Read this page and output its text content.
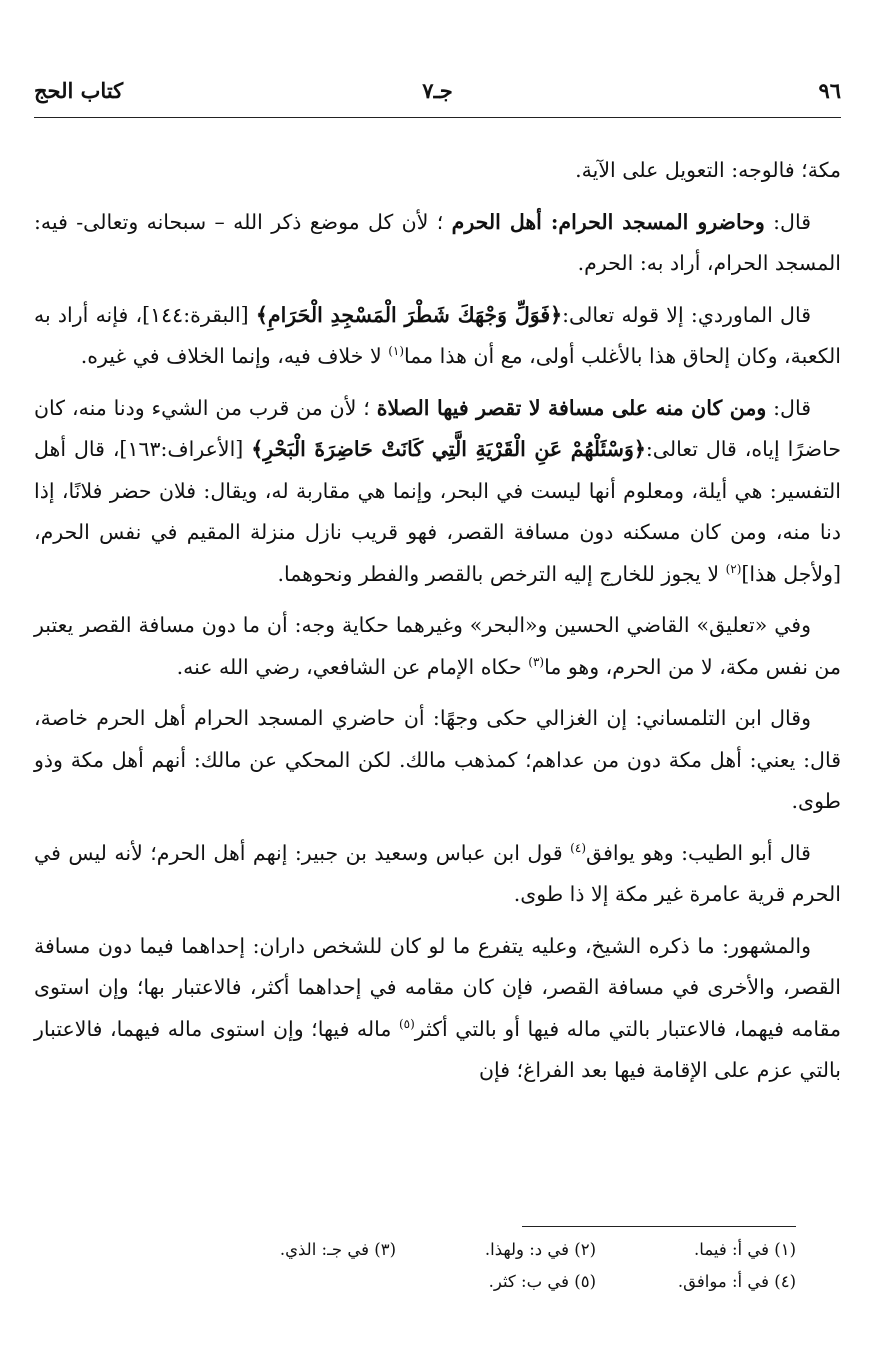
٩٦
جـ٧
كتاب الحج

مكة؛ فالوجه: التعويل على الآية.

قال: وحاضرو المسجد الحرام: أهل الحرم ؛ لأن كل موضع ذكر الله – سبحانه وتعالى- فيه: المسجد الحرام، أراد به: الحرم.

قال الماوردي: إلا قوله تعالى:﴿فَوَلِّ وَجْهَكَ شَطْرَ الْمَسْجِدِ الْحَرَامِ﴾ [البقرة:١٤٤]، فإنه أراد به الكعبة، وكان إلحاق هذا بالأغلب أولى، مع أن هذا مما$^{(١)}$ لا خلاف فيه، وإنما الخلاف في غيره.

قال: ومن كان منه على مسافة لا تقصر فيها الصلاة ؛ لأن من قرب من الشيء ودنا منه، كان حاضرًا إياه، قال تعالى:﴿وَسْئَلْهُمْ عَنِ الْقَرْيَةِ الَّتِي كَانَتْ حَاضِرَةَ الْبَحْرِ﴾ [الأعراف:١٦٣]، قال أهل التفسير: هي أيلة، ومعلوم أنها ليست في البحر، وإنما هي مقاربة له، ويقال: فلان حضر فلانًا، إذا دنا منه، ومن كان مسكنه دون مسافة القصر، فهو قريب نازل منزلة المقيم في نفس الحرم، [ولأجل هذا]$^{(٢)}$ لا يجوز للخارج إليه الترخص بالقصر والفطر ونحوهما.

وفي «تعليق» القاضي الحسين و«البحر» وغيرهما حكاية وجه: أن ما دون مسافة القصر يعتبر من نفس مكة، لا من الحرم، وهو ما$^{(٣)}$ حكاه الإمام عن الشافعي، رضي الله عنه.

وقال ابن التلمساني: إن الغزالي حكى وجهًا: أن حاضري المسجد الحرام أهل الحرم خاصة، قال: يعني: أهل مكة دون من عداهم؛ كمذهب مالك. لكن المحكي عن مالك: أنهم أهل مكة وذو طوى.

قال أبو الطيب: وهو يوافق$^{(٤)}$ قول ابن عباس وسعيد بن جبير: إنهم أهل الحرم؛ لأنه ليس في الحرم قرية عامرة غير مكة إلا ذا طوى.

والمشهور: ما ذكره الشيخ، وعليه يتفرع ما لو كان للشخص داران: إحداهما فيما دون مسافة القصر، والأخرى في مسافة القصر، فإن كان مقامه في إحداهما أكثر، فالاعتبار بها؛ وإن استوى مقامه فيهما، فالاعتبار بالتي ماله فيها أو بالتي أكثر$^{(٥)}$ ماله فيها؛ وإن استوى ماله فيهما، فالاعتبار بالتي عزم على الإقامة فيها بعد الفراغ؛ فإن

(١) في أ: فيما.
(٢) في د: ولهذا.
(٣) في جـ: الذي.
(٤) في أ: موافق.
(٥) في ب: كثر.
